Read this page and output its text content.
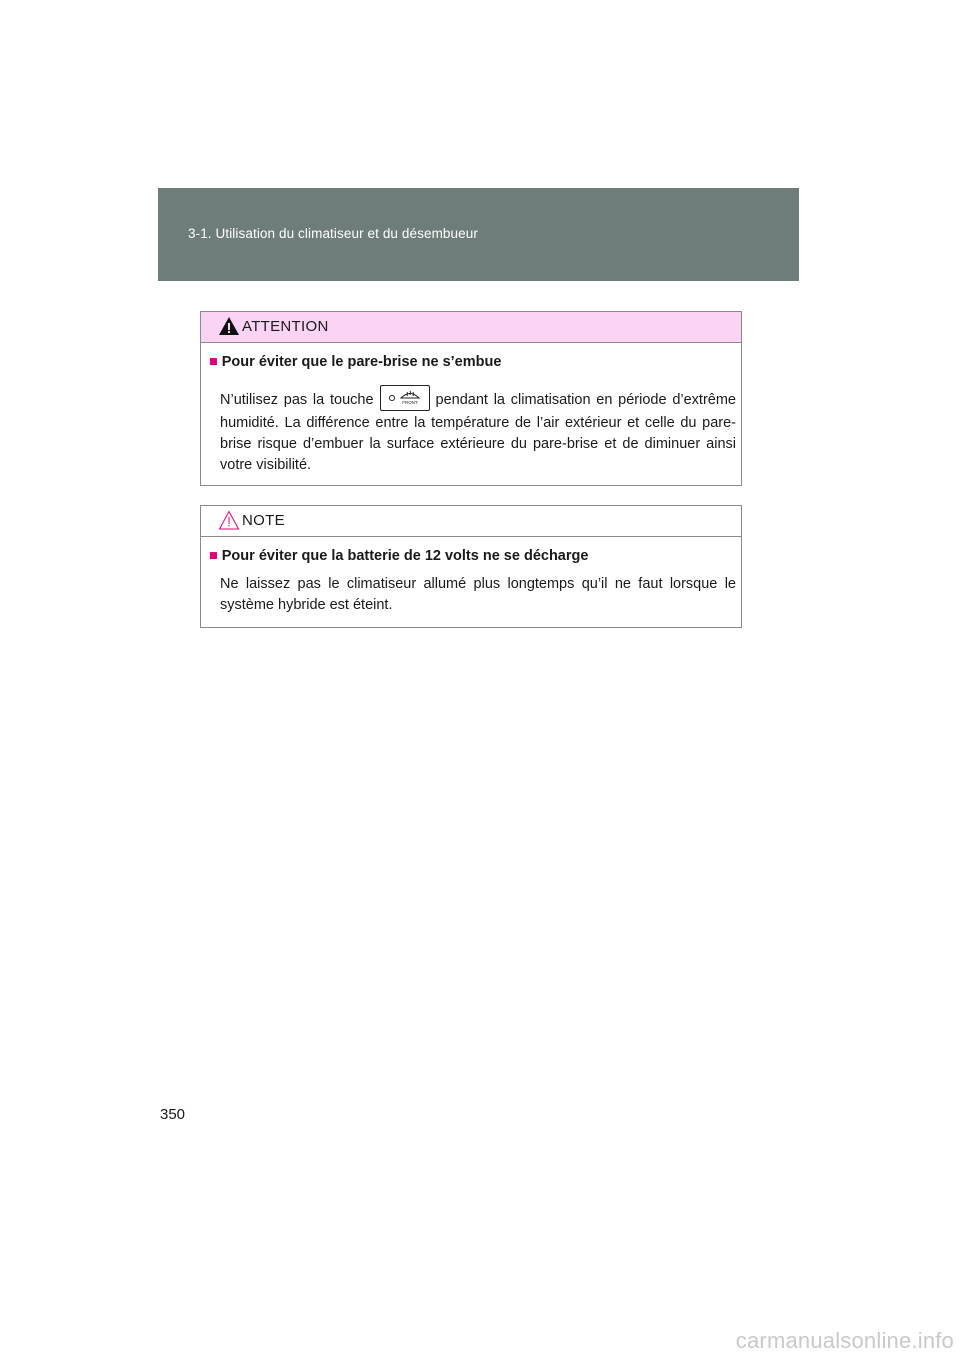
3-1. Utilisation du climatiseur et du désembueur
ATTENTION
■ Pour éviter que le pare-brise ne s’embue
N’utilisez pas la touche	FRONT pendant la climatisation en période d’extrême humidité. La différence entre la température de l’air extérieur et celle du pare-brise risque d’embuer la surface extérieure du pare-brise et de diminuer ainsi votre visibilité.
NOTE
■ Pour éviter que la batterie de 12 volts ne se décharge
Ne laissez pas le climatiseur allumé plus longtemps qu’il ne faut lorsque le système hybride est éteint.
350
carmanualsonline.info
